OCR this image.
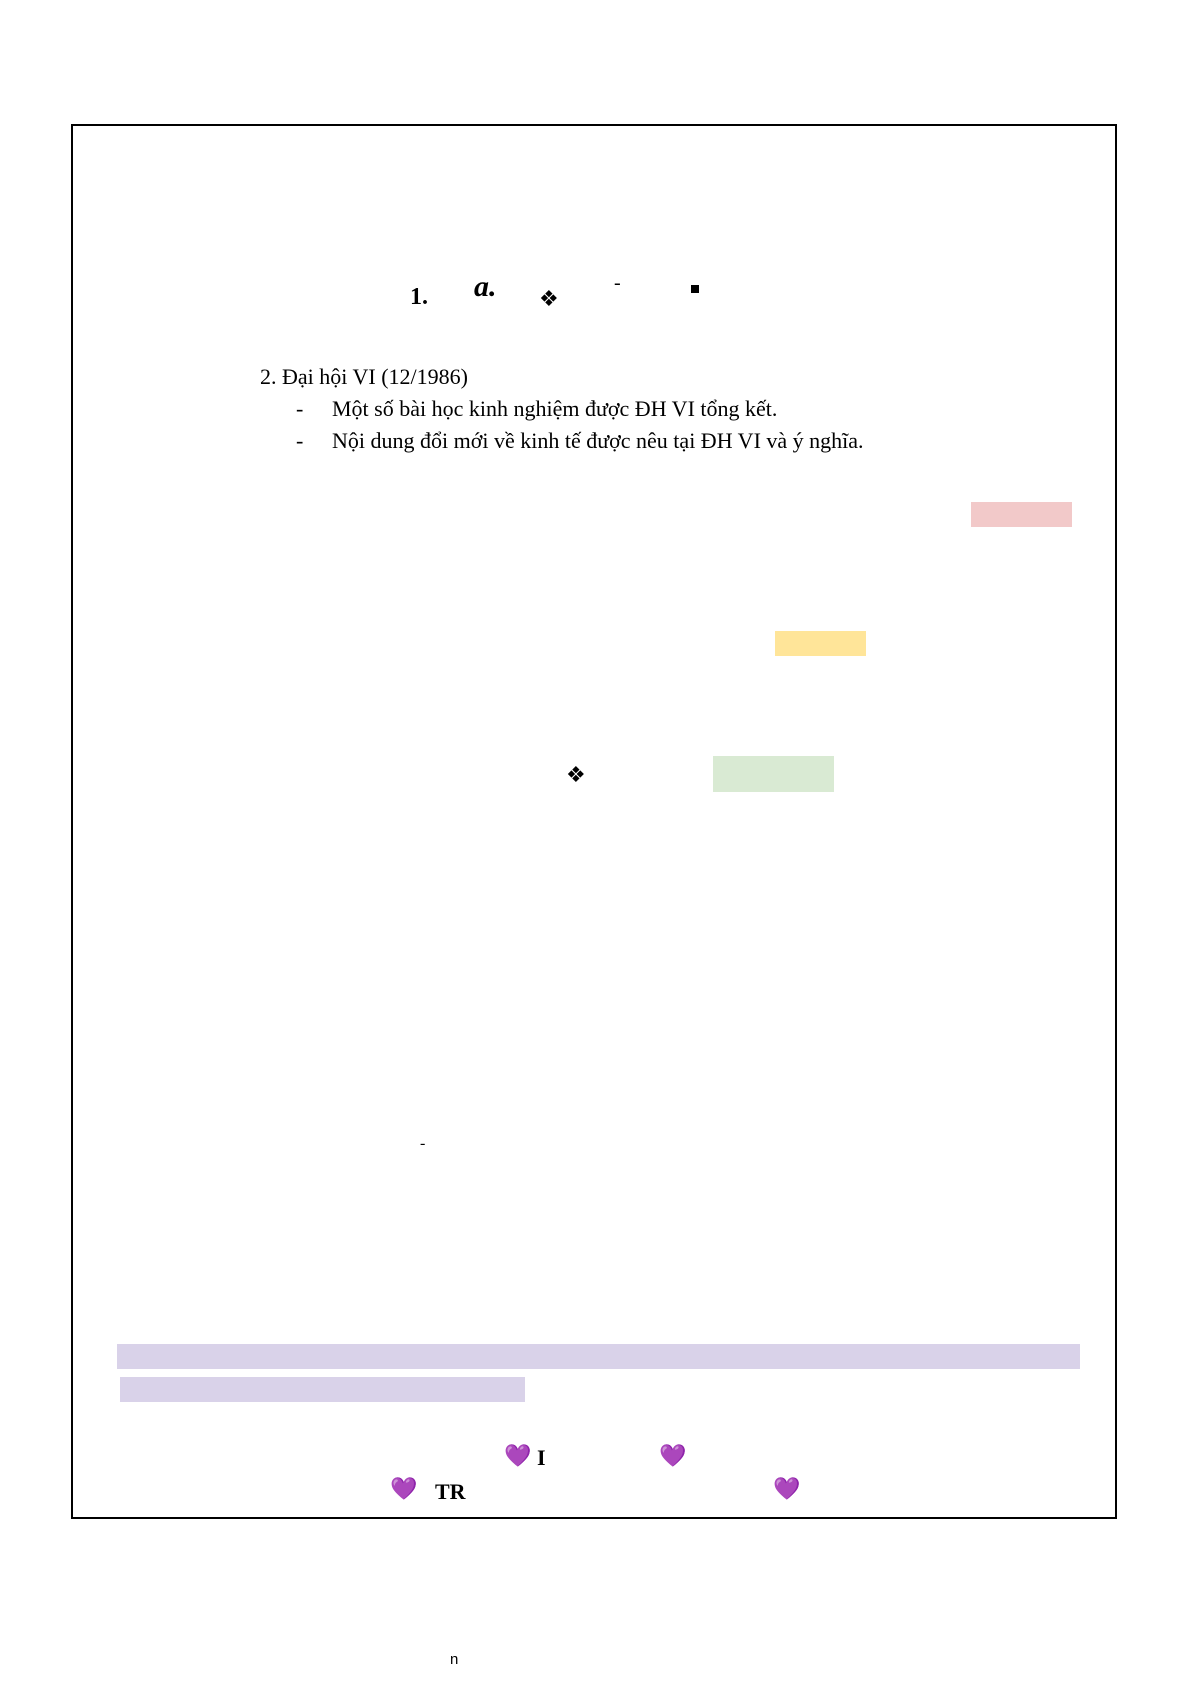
1. a. ❖
-
2. Đại hội VI (12/1986)
- Một số bài học kinh nghiệm được ĐH VI tổng kết.
- Nội dung đổi mới về kinh tế được nêu tại ĐH VI và ý nghĩa.
❖
-
💜 I	💜
💜 TR	💜
n
